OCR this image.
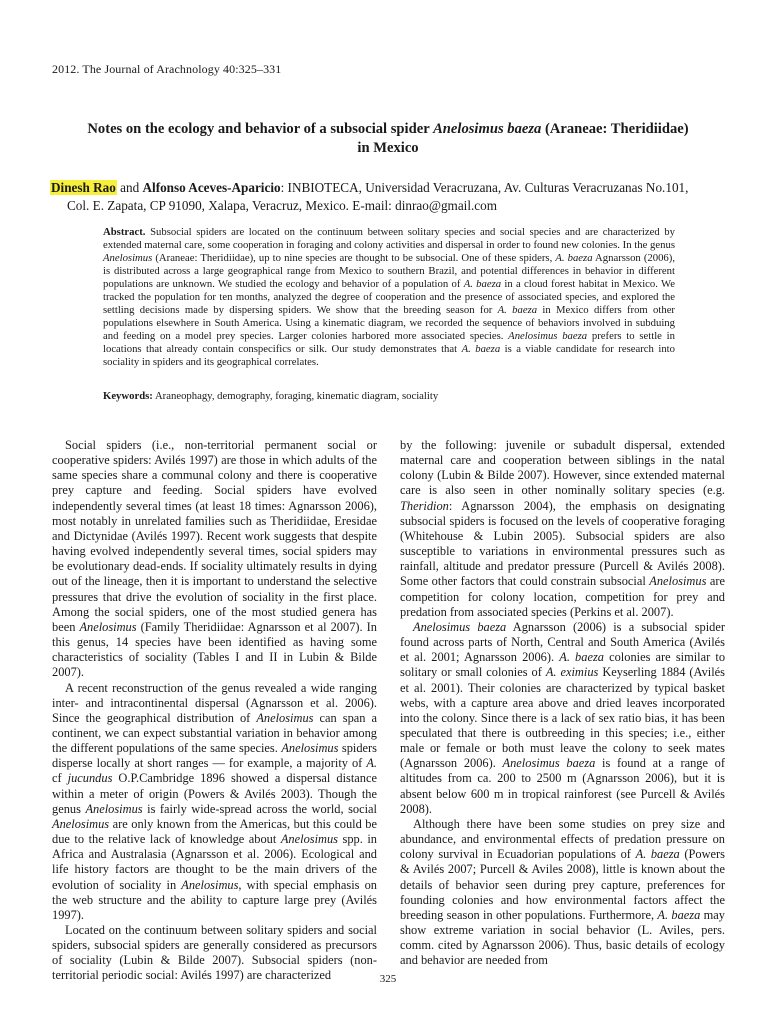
2012. The Journal of Arachnology 40:325–331
Notes on the ecology and behavior of a subsocial spider Anelosimus baeza (Araneae: Theridiidae)
in Mexico
Dinesh Rao and Alfonso Aceves-Aparicio: INBIOTECA, Universidad Veracruzana, Av. Culturas Veracruzanas No.101,
Col. E. Zapata, CP 91090, Xalapa, Veracruz, Mexico. E-mail: dinrao@gmail.com
Abstract. Subsocial spiders are located on the continuum between solitary species and social species and are characterized by extended maternal care, some cooperation in foraging and colony activities and dispersal in order to found new colonies. In the genus Anelosimus (Araneae: Theridiidae), up to nine species are thought to be subsocial. One of these spiders, A. baeza Agnarsson (2006), is distributed across a large geographical range from Mexico to southern Brazil, and potential differences in behavior in different populations are unknown. We studied the ecology and behavior of a population of A. baeza in a cloud forest habitat in Mexico. We tracked the population for ten months, analyzed the degree of cooperation and the presence of associated species, and explored the settling decisions made by dispersing spiders. We show that the breeding season for A. baeza in Mexico differs from other populations elsewhere in South America. Using a kinematic diagram, we recorded the sequence of behaviors involved in subduing and feeding on a model prey species. Larger colonies harbored more associated species. Anelosimus baeza prefers to settle in locations that already contain conspecifics or silk. Our study demonstrates that A. baeza is a viable candidate for research into sociality in spiders and its geographical correlates.
Keywords: Araneophagy, demography, foraging, kinematic diagram, sociality

Social spiders (i.e., non-territorial permanent social or cooperative spiders: Avilés 1997) are those in which adults of the same species share a communal colony and there is cooperative prey capture and feeding. Social spiders have evolved independently several times (at least 18 times: Agnarsson 2006), most notably in unrelated families such as Theridiidae, Eresidae and Dictynidae (Avilés 1997). Recent work suggests that despite having evolved independently several times, social spiders may be evolutionary dead-ends. If sociality ultimately results in dying out of the lineage, then it is important to understand the selective pressures that drive the evolution of sociality in the first place. Among the social spiders, one of the most studied genera has been Anelosimus (Family Theridiidae: Agnarsson et al 2007). In this genus, 14 species have been identified as having some characteristics of sociality (Tables I and II in Lubin & Bilde 2007).

A recent reconstruction of the genus revealed a wide ranging inter- and intracontinental dispersal (Agnarsson et al. 2006). Since the geographical distribution of Anelosimus can span a continent, we can expect substantial variation in behavior among the different populations of the same species. Anelosimus spiders disperse locally at short ranges — for example, a majority of A. cf jucundus O.P.Cambridge 1896 showed a dispersal distance within a meter of origin (Powers & Avilés 2003). Though the genus Anelosimus is fairly wide-spread across the world, social Anelosimus are only known from the Americas, but this could be due to the relative lack of knowledge about Anelosimus spp. in Africa and Australasia (Agnarsson et al. 2006). Ecological and life history factors are thought to be the main drivers of the evolution of sociality in Anelosimus, with special emphasis on the web structure and the ability to capture large prey (Avilés 1997).

Located on the continuum between solitary spiders and social spiders, subsocial spiders are generally considered as precursors of sociality (Lubin & Bilde 2007). Subsocial spiders (non-territorial periodic social: Avilés 1997) are characterized

by the following: juvenile or subadult dispersal, extended maternal care and cooperation between siblings in the natal colony (Lubin & Bilde 2007). However, since extended maternal care is also seen in other nominally solitary species (e.g. Theridion: Agnarsson 2004), the emphasis on designating subsocial spiders is focused on the levels of cooperative foraging (Whitehouse & Lubin 2005). Subsocial spiders are also susceptible to variations in environmental pressures such as rainfall, altitude and predator pressure (Purcell & Avilés 2008). Some other factors that could constrain subsocial Anelosimus are competition for colony location, competition for prey and predation from associated species (Perkins et al. 2007).

Anelosimus baeza Agnarsson (2006) is a subsocial spider found across parts of North, Central and South America (Avilés et al. 2001; Agnarsson 2006). A. baeza colonies are similar to solitary or small colonies of A. eximius Keyserling 1884 (Avilés et al. 2001). Their colonies are characterized by typical basket webs, with a capture area above and dried leaves incorporated into the colony. Since there is a lack of sex ratio bias, it has been speculated that there is outbreeding in this species; i.e., either male or female or both must leave the colony to seek mates (Agnarsson 2006). Anelosimus baeza is found at a range of altitudes from ca. 200 to 2500 m (Agnarsson 2006), but it is absent below 600 m in tropical rainforest (see Purcell & Avilés 2008).

Although there have been some studies on prey size and abundance, and environmental effects of predation pressure on colony survival in Ecuadorian populations of A. baeza (Powers & Avilés 2007; Purcell & Aviles 2008), little is known about the details of behavior seen during prey capture, preferences for founding colonies and how environmental factors affect the breeding season in other populations. Furthermore, A. baeza may show extreme variation in social behavior (L. Aviles, pers. comm. cited by Agnarsson 2006). Thus, basic details of ecology and behavior are needed from

325
